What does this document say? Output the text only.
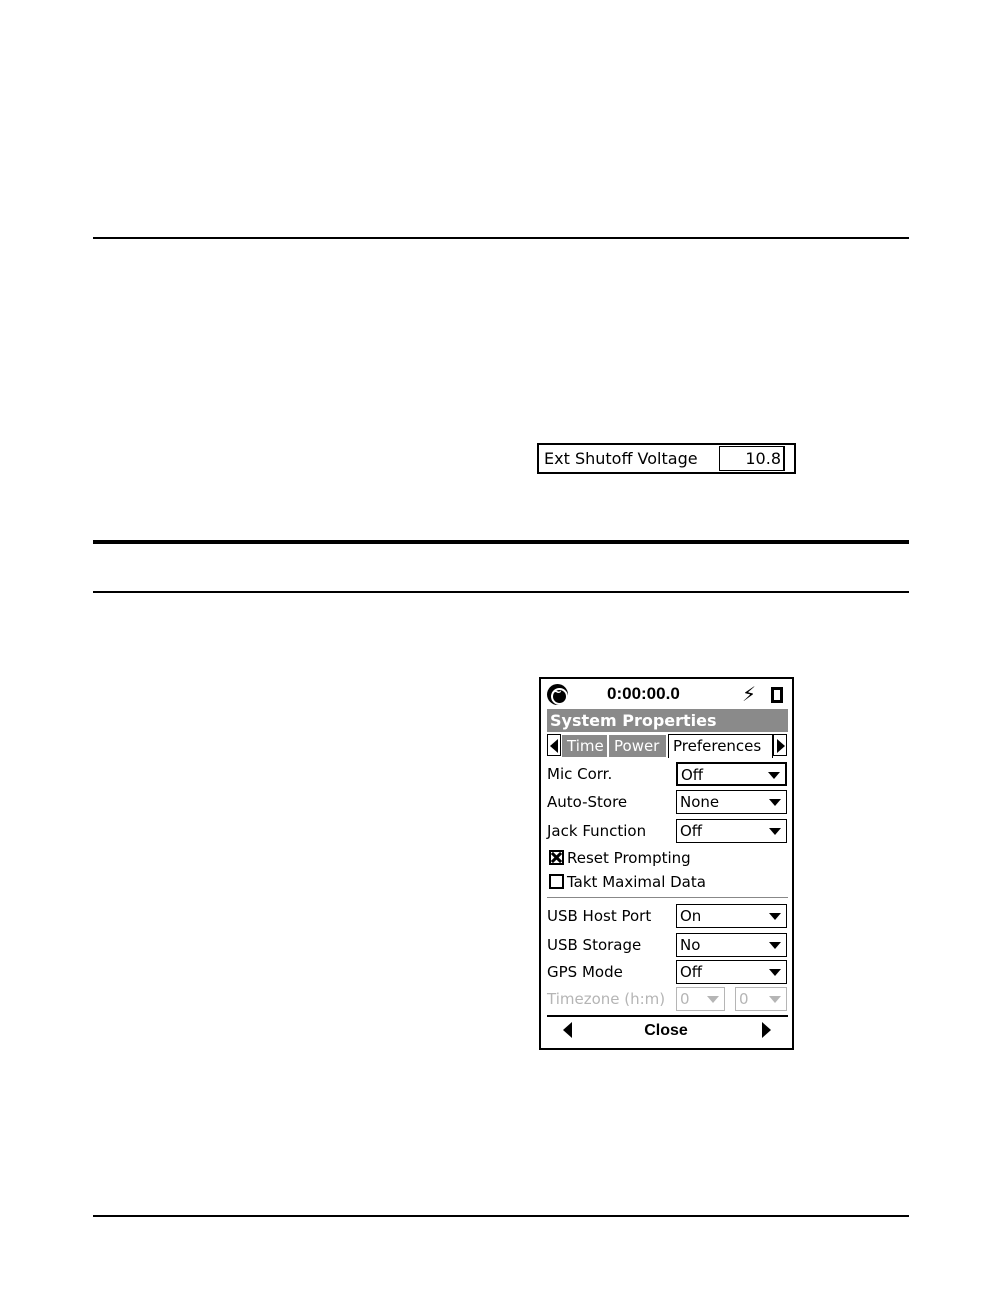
Ext Shutoff Voltage	10.8
~
0:00:00.0	⚡︎
System Properties
Time Power Preferences
Mic Corr.	Off
Auto-Store	None
Jack Function Off
Reset Prompting
Takt Maximal Data
USB Host Port On
USB Storage	No
GPS Mode	Off
Timezone (h:m) 0	0
Close
